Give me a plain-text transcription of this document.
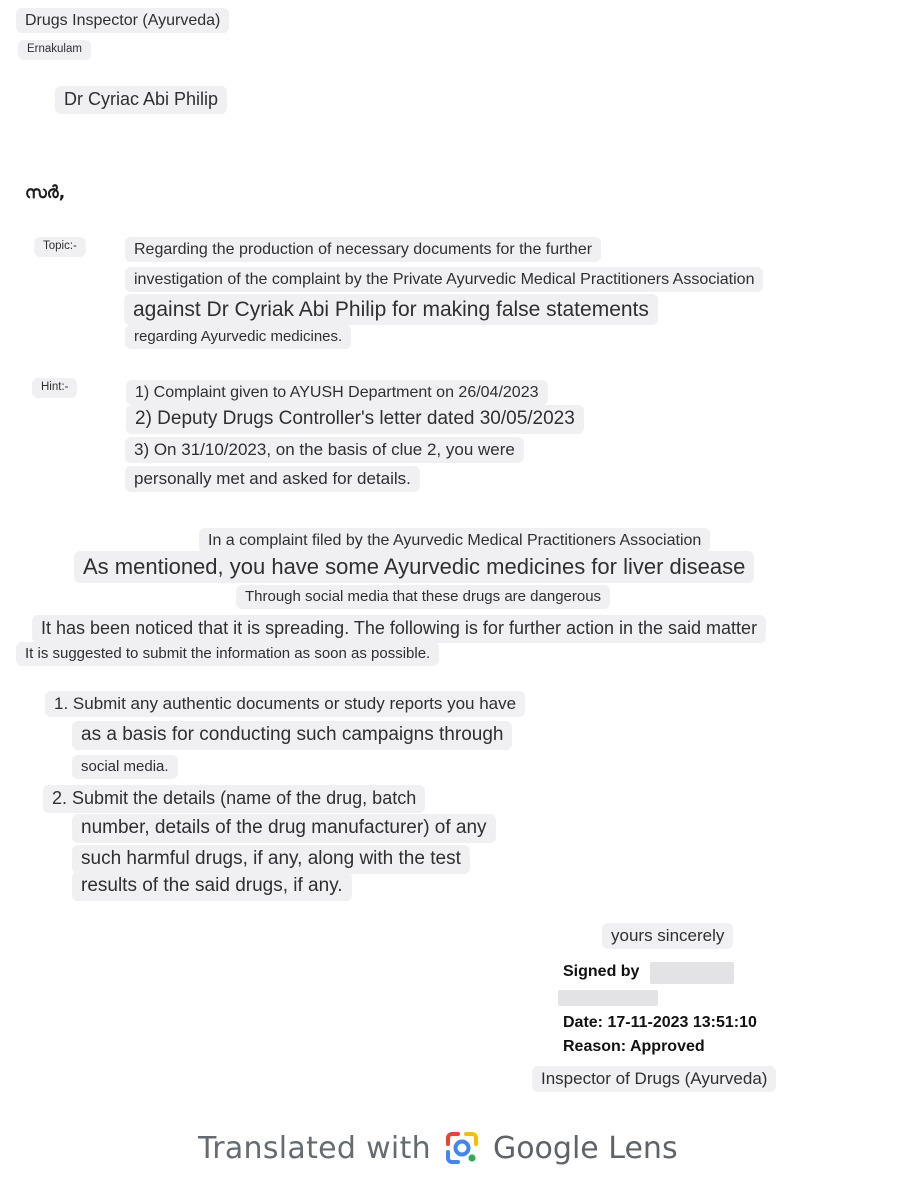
Drugs Inspector (Ayurveda)
Ernakulam
Dr Cyriac Abi Philip
സർ,
Topic:-	Regarding the production of necessary documents for the further
investigation of the complaint by the Private Ayurvedic Medical Practitioners Association
against Dr Cyriak Abi Philip for making false statements
regarding Ayurvedic medicines.
Hint:-	1) Complaint given to AYUSH Department on 26/04/2023
2) Deputy Drugs Controller's letter dated 30/05/2023
3) On 31/10/2023, on the basis of clue 2, you were
personally met and asked for details.
In a complaint filed by the Ayurvedic Medical Practitioners Association
As mentioned, you have some Ayurvedic medicines for liver disease
Through social media that these drugs are dangerous
It has been noticed that it is spreading. The following is for further action in the said matter
It is suggested to submit the information as soon as possible.
1. Submit any authentic documents or study reports you have
as a basis for conducting such campaigns through
social media.
2. Submit the details (name of the drug, batch
number, details of the drug manufacturer) of any
such harmful drugs, if any, along with the test
results of the said drugs, if any.
yours sincerely
Signed by
Date: 17-11-2023 13:51:10
Reason: Approved
Inspector of Drugs (Ayurveda)
Translated with Google Lens
